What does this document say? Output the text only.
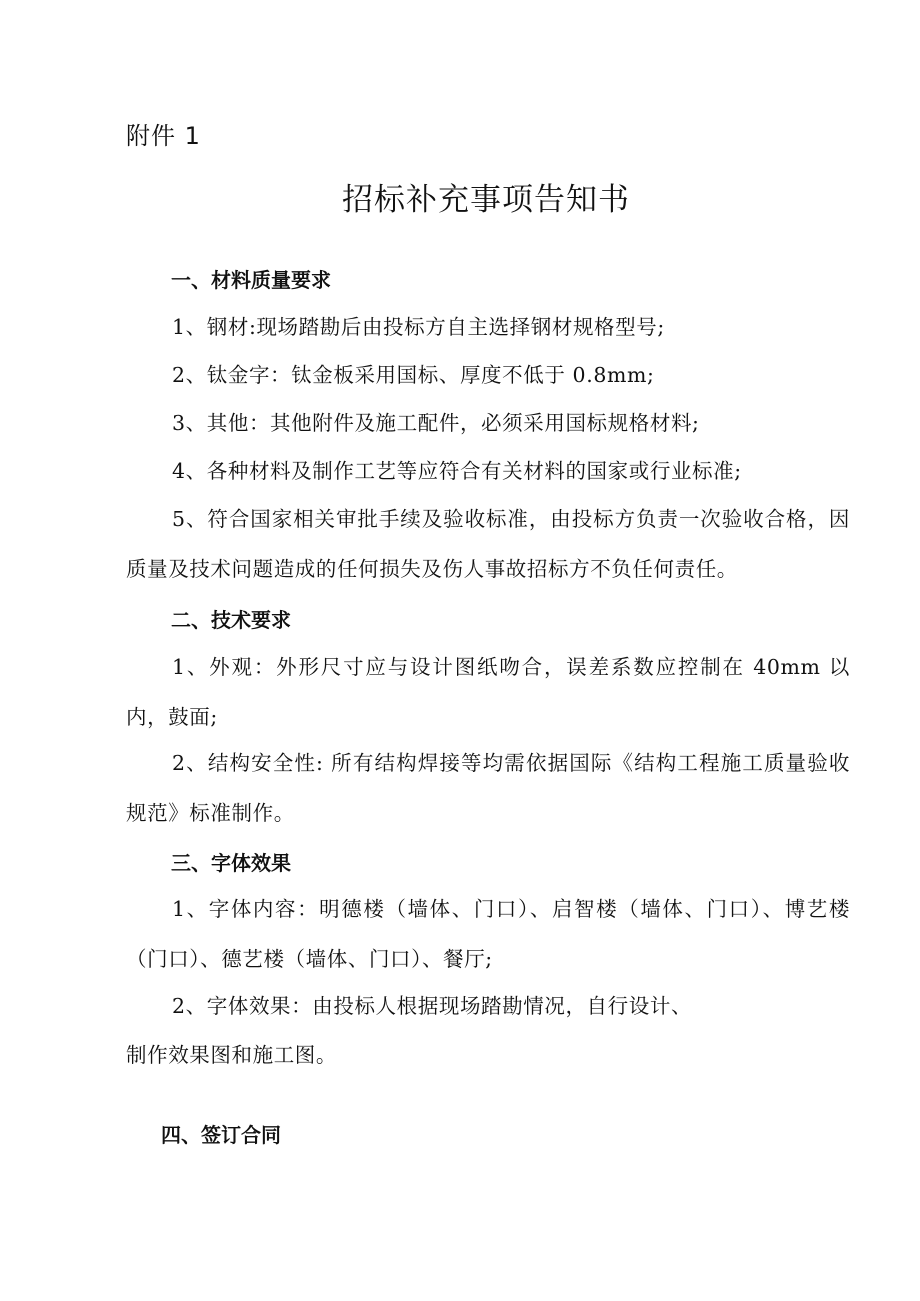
附件 1
招标补充事项告知书
一、材料质量要求

1、钢材:现场踏勘后由投标方自主选择钢材规格型号;

2、钛金字：钛金板采用国标、厚度不低于 0.8mm;

3、其他：其他附件及施工配件，必须采用国标规格材料;

4、各种材料及制作工艺等应符合有关材料的国家或行业标准;

5、符合国家相关审批手续及验收标准，由投标方负责一次验收合格，因质量及技术问题造成的任何损失及伤人事故招标方不负任何责任。

二、技术要求

1、外观：外形尺寸应与设计图纸吻合，误差系数应控制在 40mm 以内，鼓面;

2、结构安全性: 所有结构焊接等均需依据国际《结构工程施工质量验收规范》标准制作。

三、字体效果

1、字体内容：明德楼（墙体、门口）、启智楼（墙体、门口）、博艺楼（门口）、德艺楼（墙体、门口）、餐厅;

2、字体效果：由投标人根据现场踏勘情况，自行设计、

制作效果图和施工图。

四、签订合同
